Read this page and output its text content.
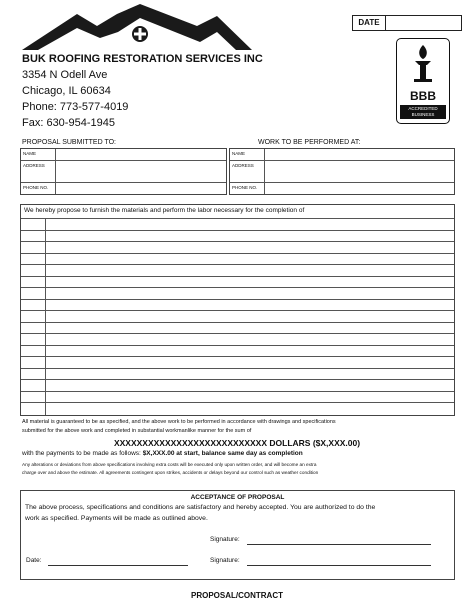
DATE
BUK ROOFING RESTORATION SERVICES INC
3354 N Odell Ave
Chicago, IL 60634
Phone: 773-577-4019
Fax: 630-954-1945
BBB
ACCREDITED
BUSINESS
PROPOSAL SUBMITTED TO:	WORK TO BE PERFORMED AT:
NAME
ADDRESS
PHONE NO.
NAME
ADDRESS
PHONE NO.
We hereby propose to furnish the materials and perform the labor necessary for the completion of
All material is guaranteed to be as specified, and the above work to be performed in accordance with drawings and specifications
submitted for the above work and completed in substantial workmanlike manner for the sum of
XXXXXXXXXXXXXXXXXXXXXXXXXXX DOLLARS ($X,XXX.00)
with the payments to be made as follows: $X,XXX.00 at start, balance same day as completion
Any alterations or deviations from above specifications involving extra costs will be executed only upon written order, and will become an extra
charge over and above the estimate. All agreements contingent upon strikes, accidents or delays beyond our control such as weather condition
ACCEPTANCE OF PROPOSAL
The above process, specifications and conditions are satisfactory and hereby accepted. You are authorized to do the
work as specified. Payments will be made as outlined above.
Signature:
Date:	Signature:
PROPOSAL/CONTRACT
